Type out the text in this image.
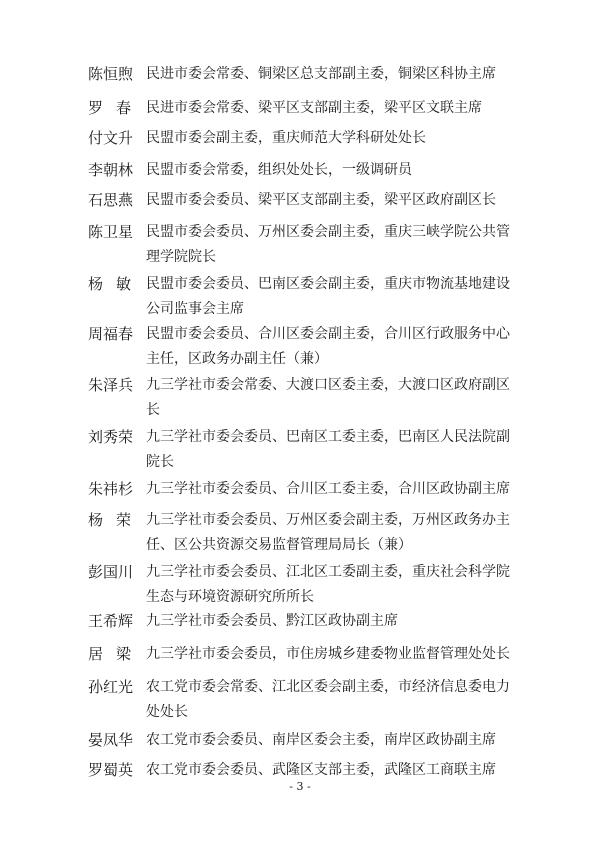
陈恒煦 民进市委会常委、铜梁区总支部副主委，铜梁区科协主席
罗春 民进市委会常委、梁平区支部副主委，梁平区文联主席
付文升 民盟市委会副主委，重庆师范大学科研处处长
李朝林 民盟市委会常委，组织处处长，一级调研员
石思燕 民盟市委会委员、梁平区支部副主委，梁平区政府副区长
陈卫星 民盟市委会委员、万州区委会副主委，重庆三峡学院公共管理学院院长
杨敏 民盟市委会委员、巴南区委会副主委，重庆市物流基地建设公司监事会主席
周福春 民盟市委会委员、合川区委会副主委，合川区行政服务中心主任，区政务办副主任（兼）
朱泽兵 九三学社市委会常委、大渡口区委主委，大渡口区政府副区长
刘秀荣 九三学社市委会委员、巴南区工委主委，巴南区人民法院副院长
朱祎杉 九三学社市委会委员、合川区工委主委，合川区政协副主席
杨荣 九三学社市委会委员、万州区委会副主委，万州区政务办主任、区公共资源交易监督管理局局长（兼）
彭国川 九三学社市委会委员、江北区工委副主委，重庆社会科学院生态与环境资源研究所所长
王希辉 九三学社市委会委员、黔江区政协副主席
居梁 九三学社市委会委员，市住房城乡建委物业监督管理处处长
孙红光 农工党市委会常委、江北区委会副主委，市经济信息委电力处处长
晏凤华 农工党市委会委员、南岸区委会主委，南岸区政协副主席
罗蜀英 农工党市委会委员、武隆区支部主委，武隆区工商联主席
- 3 -
